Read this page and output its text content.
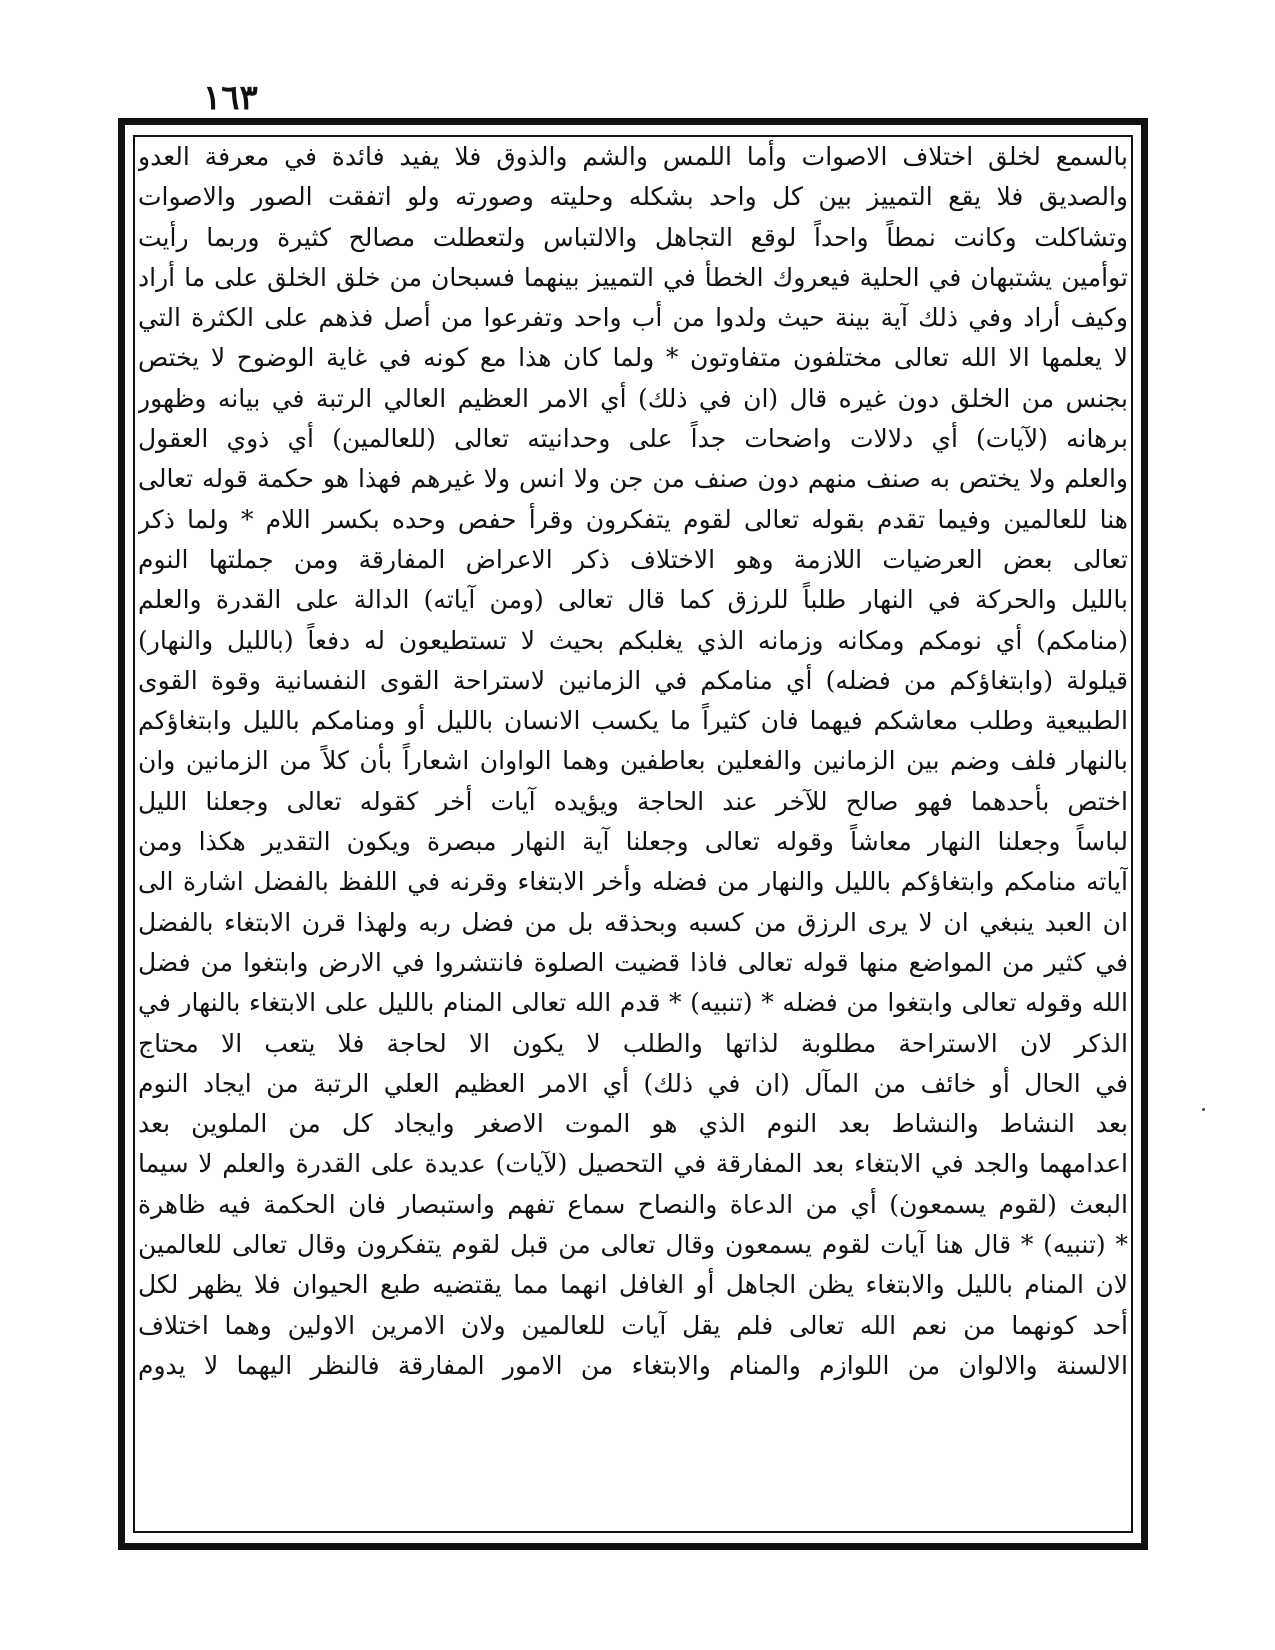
١٦٣
بالسمع لخلق اختلاف الاصوات وأما اللمس والشم والذوق فلا يفيد فائدة في معرفة العدو
والصديق فلا يقع التمييز بين كل واحد بشكله وحليته وصورته ولو اتفقت الصور والاصوات
وتشاكلت وكانت نمطاً واحداً لوقع التجاهل والالتباس ولتعطلت مصالح كثيرة وربما رأيت
توأمين يشتبهان في الحلية فيعروك الخطأ في التمييز بينهما فسبحان من خلق الخلق على ما أراد
وكيف أراد وفي ذلك آية بينة حيث ولدوا من أب واحد وتفرعوا من أصل فذهم على الكثرة التي
لا يعلمها الا الله تعالى مختلفون متفاوتون * ولما كان هذا مع كونه في غاية الوضوح لا يختص
بجنس من الخلق دون غيره قال (ان في ذلك) أي الامر العظيم العالي الرتبة في بيانه وظهور
برهانه (لآيات) أي دلالات واضحات جداً على وحدانيته تعالى (للعالمين) أي ذوي العقول
والعلم ولا يختص به صنف منهم دون صنف من جن ولا انس ولا غيرهم فهذا هو حكمة قوله تعالى
هنا للعالمين وفيما تقدم بقوله تعالى لقوم يتفكرون وقرأ حفص وحده بكسر اللام * ولما ذكر
تعالى بعض العرضيات اللازمة وهو الاختلاف ذكر الاعراض المفارقة ومن جملتها النوم
بالليل والحركة في النهار طلباً للرزق كما قال تعالى (ومن آياته) الدالة على القدرة والعلم
(منامكم) أي نومكم ومكانه وزمانه الذي يغلبكم بحيث لا تستطيعون له دفعاً (بالليل والنهار)
قيلولة (وابتغاؤكم من فضله) أي منامكم في الزمانين لاستراحة القوى النفسانية وقوة القوى
الطبيعية وطلب معاشكم فيهما فان كثيراً ما يكسب الانسان بالليل أو ومنامكم بالليل وابتغاؤكم
بالنهار فلف وضم بين الزمانين والفعلين بعاطفين وهما الواوان اشعاراً بأن كلاً من الزمانين وان
اختص بأحدهما فهو صالح للآخر عند الحاجة ويؤيده آيات أخر كقوله تعالى وجعلنا الليل
لباساً وجعلنا النهار معاشاً وقوله تعالى وجعلنا آية النهار مبصرة ويكون التقدير هكذا ومن
آياته منامكم وابتغاؤكم بالليل والنهار من فضله وأخر الابتغاء وقرنه في اللفظ بالفضل اشارة الى
ان العبد ينبغي ان لا يرى الرزق من كسبه وبحذقه بل من فضل ربه ولهذا قرن الابتغاء بالفضل
في كثير من المواضع منها قوله تعالى فاذا قضيت الصلوة فانتشروا في الارض وابتغوا من فضل
الله وقوله تعالى وابتغوا من فضله * (تنبيه) * قدم الله تعالى المنام بالليل على الابتغاء بالنهار في
الذكر لان الاستراحة مطلوبة لذاتها والطلب لا يكون الا لحاجة فلا يتعب الا محتاج
في الحال أو خائف من المآل (ان في ذلك) أي الامر العظيم العلي الرتبة من ايجاد النوم
بعد النشاط والنشاط بعد النوم الذي هو الموت الاصغر وايجاد كل من الملوين بعد
اعدامهما والجد في الابتغاء بعد المفارقة في التحصيل (لآيات) عديدة على القدرة والعلم لا سيما
البعث (لقوم يسمعون) أي من الدعاة والنصاح سماع تفهم واستبصار فان الحكمة فيه ظاهرة
* (تنبيه) * قال هنا آيات لقوم يسمعون وقال تعالى من قبل لقوم يتفكرون وقال تعالى للعالمين
لان المنام بالليل والابتغاء يظن الجاهل أو الغافل انهما مما يقتضيه طبع الحيوان فلا يظهر لكل
أحد كونهما من نعم الله تعالى فلم يقل آيات للعالمين ولان الامرين الاولين وهما اختلاف
الالسنة والالوان من اللوازم والمنام والابتغاء من الامور المفارقة فالنظر اليهما لا يدوم
